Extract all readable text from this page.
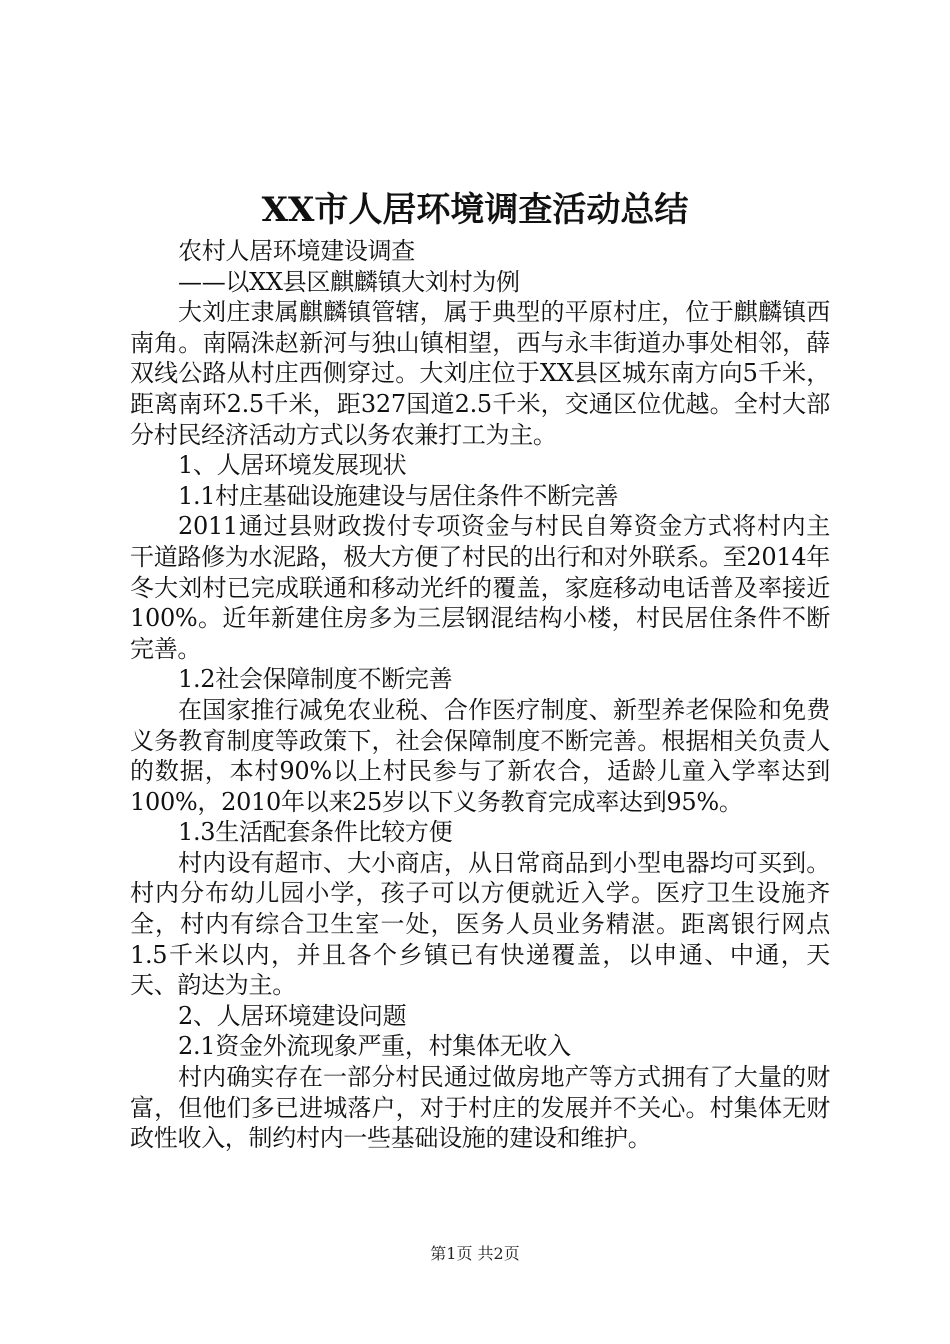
XX市人居环境调查活动总结

农村人居环境建设调查

——以XX县区麒麟镇大刘村为例

大刘庄隶属麒麟镇管辖，属于典型的平原村庄，位于麒麟镇西南角。南隔洙赵新河与独山镇相望，西与永丰街道办事处相邻，薛双线公路从村庄西侧穿过。大刘庄位于XX县区城东南方向5千米，距离南环2.5千米，距327国道2.5千米，交通区位优越。全村大部分村民经济活动方式以务农兼打工为主。

1、人居环境发展现状

1.1村庄基础设施建设与居住条件不断完善

2011通过县财政拨付专项资金与村民自筹资金方式将村内主干道路修为水泥路，极大方便了村民的出行和对外联系。至2014年冬大刘村已完成联通和移动光纤的覆盖，家庭移动电话普及率接近100%。近年新建住房多为三层钢混结构小楼，村民居住条件不断完善。

1.2社会保障制度不断完善

在国家推行减免农业税、合作医疗制度、新型养老保险和免费义务教育制度等政策下，社会保障制度不断完善。根据相关负责人的数据，本村90%以上村民参与了新农合，适龄儿童入学率达到100%，2010年以来25岁以下义务教育完成率达到95%。

1.3生活配套条件比较方便

村内设有超市、大小商店，从日常商品到小型电器均可买到。村内分布幼儿园小学，孩子可以方便就近入学。医疗卫生设施齐全，村内有综合卫生室一处，医务人员业务精湛。距离银行网点1.5千米以内，并且各个乡镇已有快递覆盖，以申通、中通，天天、韵达为主。

2、人居环境建设问题

2.1资金外流现象严重，村集体无收入

村内确实存在一部分村民通过做房地产等方式拥有了大量的财富，但他们多已进城落户，对于村庄的发展并不关心。村集体无财政性收入，制约村内一些基础设施的建设和维护。

第1页 共2页
